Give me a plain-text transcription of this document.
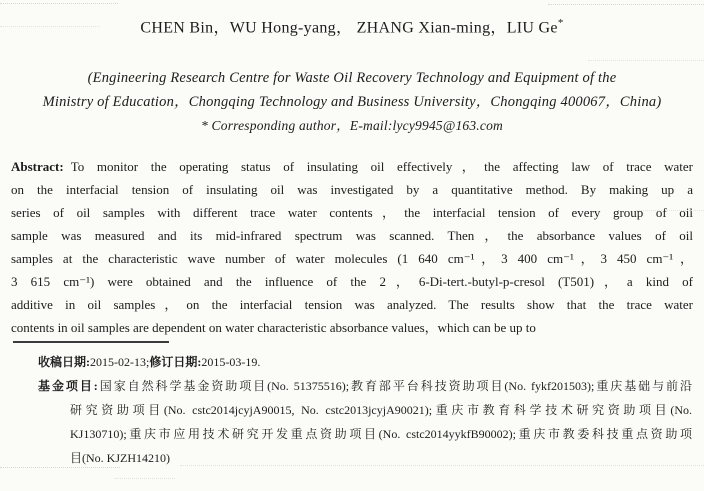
CHEN Bin，WU Hong-yang， ZHANG Xian-ming，LIU Ge*
(Engineering Research Centre for Waste Oil Recovery Technology and Equipment of the
Ministry of Education，Chongqing Technology and Business University，Chongqing 400067，China)
* Corresponding author，E-mail:lycy9945@163.com
Abstract: To monitor the operating status of insulating oil effectively，the affecting law of trace water
on the interfacial tension of insulating oil was investigated by a quantitative method. By making up a
series of oil samples with different trace water contents，the interfacial tension of every group of oil
sample was measured and its mid-infrared spectrum was scanned. Then，the absorbance values of oil
samples at the characteristic wave number of water molecules (1 640 cm⁻¹，3 400 cm⁻¹，3 450 cm⁻¹，
3 615 cm⁻¹) were obtained and the influence of the 2，6-Di-tert.-butyl-p-cresol (T501)，a kind of
additive in oil samples，on the interfacial tension was analyzed. The results show that the trace water
contents in oil samples are dependent on water characteristic absorbance values，which can be up to
收稿日期:2015-02-13;修订日期:2015-03-19.
基金项目:国家自然科学基金资助项目(No. 51375516);教育部平台科技资助项目(No. fykf201503);重庆基础与前沿
研究资助项目(No. cstc2014jcyjA90015, No. cstc2013jcyjA90021);重庆市教育科学技术研究资助项目(No.
KJ130710);重庆市应用技术研究开发重点资助项目(No. cstc2014yykfB90002);重庆市教委科技重点资助项
目(No. KJZH14210)
